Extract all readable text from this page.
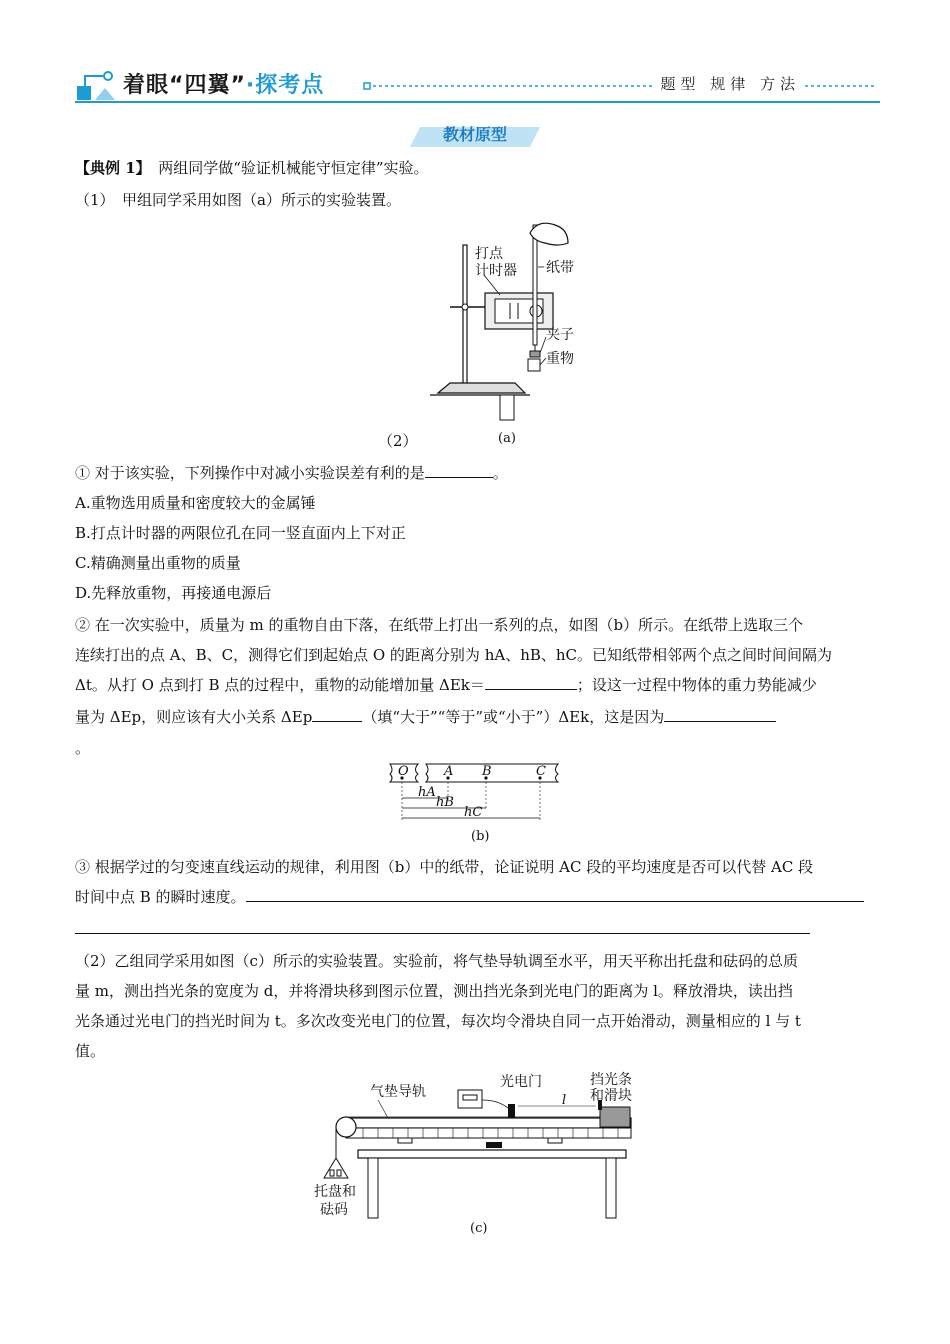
着眼“四翼”·探考点	题型 规律 方法
教材原型
【典例 1】　 两组同学做“验证机械能守恒定律”实验。
（1）　甲组同学采用如图（a）所示的实验装置。
打点
计时器 纸带
夹子
重物
（2）	(a)
① 对于该实验，下列操作中对减小实验误差有利的是	。
A.重物选用质量和密度较大的金属锤
B.打点计时器的两限位孔在同一竖直面内上下对正
C.精确测量出重物的质量
D.先释放重物，再接通电源后
② 在一次实验中，质量为 m 的重物自由下落，在纸带上打出一系列的点，如图（b）所示。在纸带上选取三个
连续打出的点 A、B、C，测得它们到起始点 O 的距离分别为 hA、hB、hC。已知纸带相邻两个点之间时间间隔为
Δt。从打 O 点到打 B 点的过程中，重物的动能增加量 ΔEk＝	；设这一过程中物体的重力势能减少
量为 ΔEp，则应该有大小关系 ΔEp	（填“大于”“等于”或“小于”）ΔEk，这是因为
。
O	A B	C
hA
hB
hC
(b)
③ 根据学过的匀变速直线运动的规律，利用图（b）中的纸带，论证说明 AC 段的平均速度是否可以代替 AC 段
时间中点 B 的瞬时速度。
（2）乙组同学采用如图（c）所示的实验装置。实验前，将气垫导轨调至水平，用天平称出托盘和砝码的总质
量 m，测出挡光条的宽度为 d，并将滑块移到图示位置，测出挡光条到光电门的距离为 l。释放滑块，读出挡
光条通过光电门的挡光时间为 t。多次改变光电门的位置，每次均令滑块自同一点开始滑动，测量相应的 l 与 t
值。
l
气垫导轨
光电门	挡光条
和滑块
托盘和
砝码
(c)
